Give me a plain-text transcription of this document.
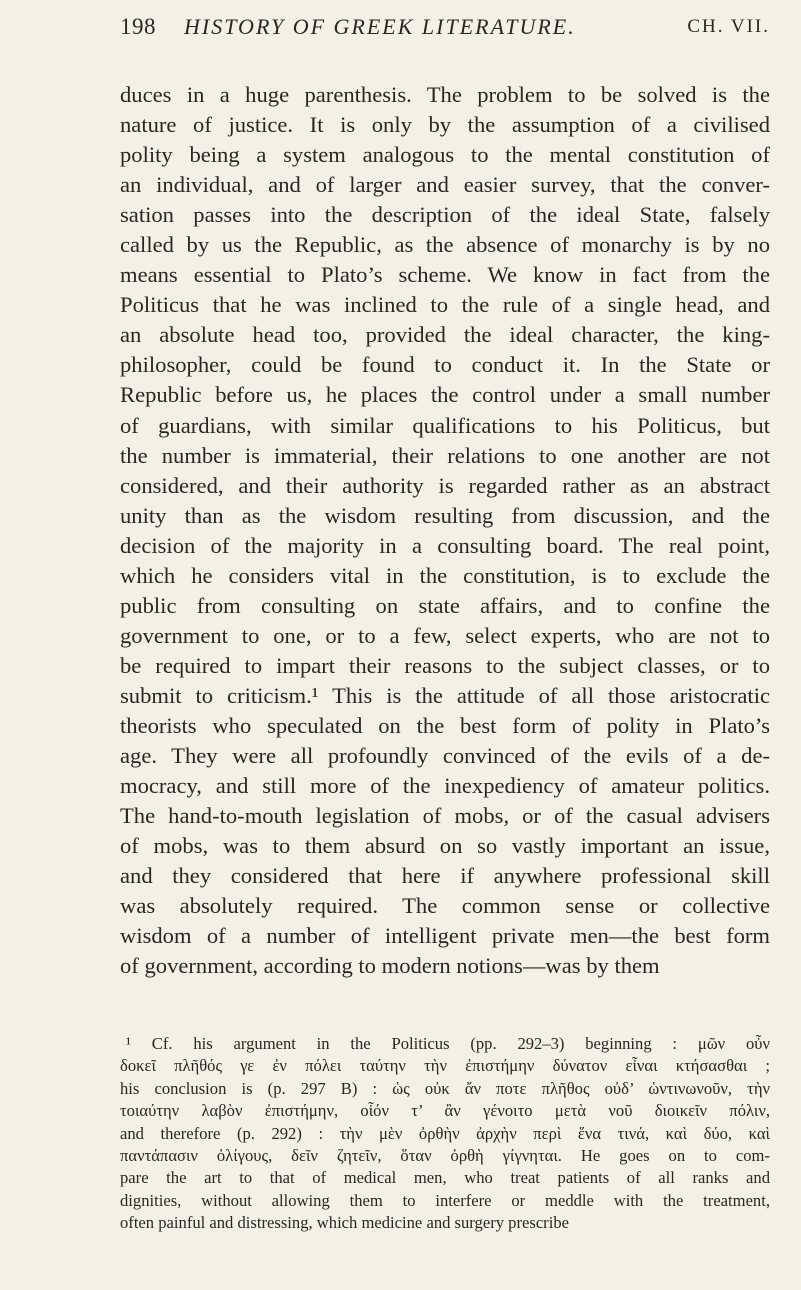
198 HISTORY OF GREEK LITERATURE.	CH. VII.
duces in a huge parenthesis. The problem to be solved is the
nature of justice. It is only by the assumption of a civilised
polity being a system analogous to the mental constitution of
an individual, and of larger and easier survey, that the conver-
sation passes into the description of the ideal State, falsely
called by us the Republic, as the absence of monarchy is by no
means essential to Plato’s scheme. We know in fact from the
Politicus that he was inclined to the rule of a single head, and
an absolute head too, provided the ideal character, the king-
philosopher, could be found to conduct it. In the State or
Republic before us, he places the control under a small number
of guardians, with similar qualifications to his Politicus, but
the number is immaterial, their relations to one another are not
considered, and their authority is regarded rather as an abstract
unity than as the wisdom resulting from discussion, and the
decision of the majority in a consulting board. The real point,
which he considers vital in the constitution, is to exclude the
public from consulting on state affairs, and to confine the
government to one, or to a few, select experts, who are not to
be required to impart their reasons to the subject classes, or to
submit to criticism.¹ This is the attitude of all those aristocratic
theorists who speculated on the best form of polity in Plato’s
age. They were all profoundly convinced of the evils of a de-
mocracy, and still more of the inexpediency of amateur politics.
The hand-to-mouth legislation of mobs, or of the casual advisers
of mobs, was to them absurd on so vastly important an issue,
and they considered that here if anywhere professional skill
was absolutely required. The common sense or collective
wisdom of a number of intelligent private men—the best form
of government, according to modern notions—was by them
¹ Cf. his argument in the Politicus (pp. 292–3) beginning : μῶν οὖν
δοκεῖ πλῆθός γε ἐν πόλει ταύτην τὴν ἐπιστήμην δύνατον εἶναι κτήσασθαι ;
his conclusion is (p. 297 B) : ὡς οὐκ ἄν ποτε πλῆθος οὐδ’ ὡντινωνοῦν, τὴν
τοιαύτην λαβὸν ἐπιστήμην, οἷόν τ’ ἂν γένοιτο μετὰ νοῦ διοικεῖν πόλιν,
and therefore (p. 292) : τὴν μὲν ὀρθὴν ἀρχὴν περὶ ἕνα τινά, καὶ δύο, καὶ
παντάπασιν ὀλίγους, δεῖν ζητεῖν, ὅταν ὀρθὴ γίγνηται. He goes on to com-
pare the art to that of medical men, who treat patients of all ranks and
dignities, without allowing them to interfere or meddle with the treatment,
often painful and distressing, which medicine and surgery prescribe
